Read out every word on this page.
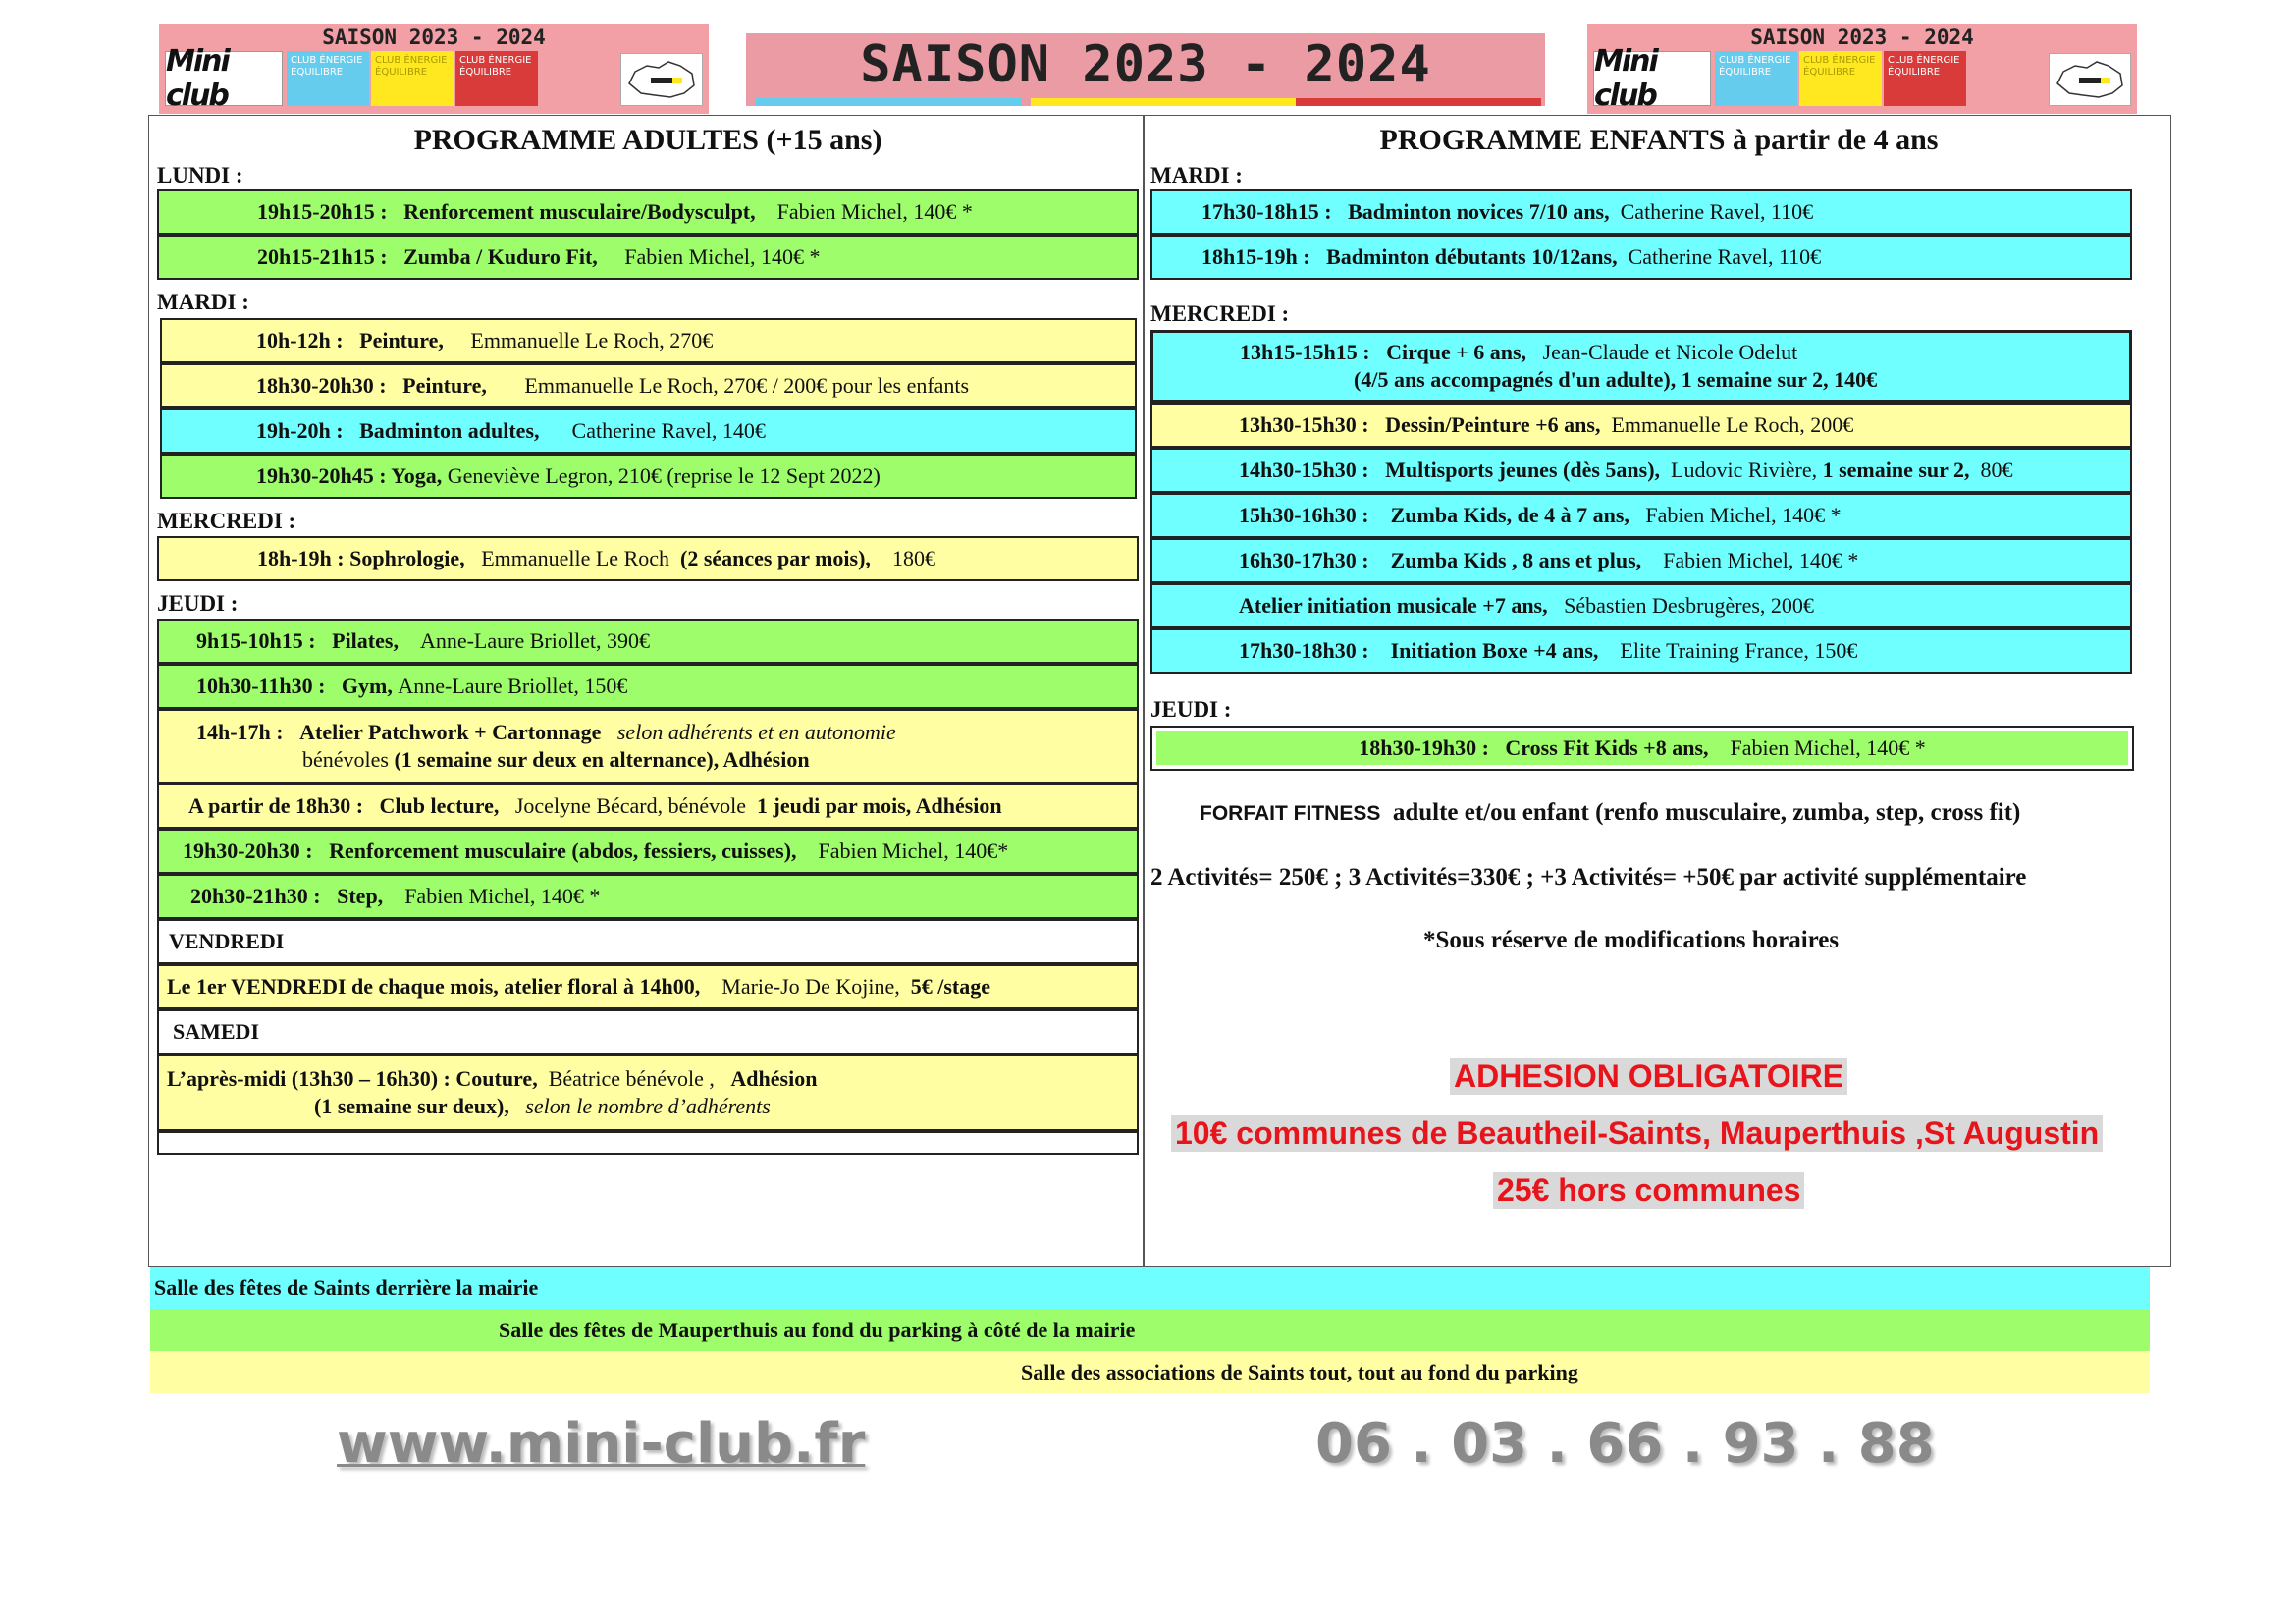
SAISON 2023 - 2024
Mini club
CLUB ÉNERGIE ÉQUILIBRE
CLUB ÉNERGIE ÉQUILIBRE
CLUB ÉNERGIE ÉQUILIBRE	SAISON 2023 - 2024	SAISON 2023 - 2024
Mini club
CLUB ÉNERGIE ÉQUILIBRE
CLUB ÉNERGIE ÉQUILIBRE
CLUB ÉNERGIE ÉQUILIBRE
PROGRAMME ADULTES (+15 ans)
LUNDI :
19h15-20h15 : Renforcement musculaire/Bodysculpt, Fabien Michel, 140€ *
20h15-21h15 : Zumba / Kuduro Fit, Fabien Michel, 140€ *
MARDI :
10h-12h : Peinture, Emmanuelle Le Roch, 270€
18h30-20h30 : Peinture, Emmanuelle Le Roch, 270€ / 200€ pour les enfants
19h-20h : Badminton adultes, Catherine Ravel, 140€
19h30-20h45 : Yoga, Geneviève Legron, 210€ (reprise le 12 Sept 2022)
MERCREDI :
18h-19h : Sophrologie, Emmanuelle Le Roch (2 séances par mois), 180€
JEUDI :
9h15-10h15 : Pilates, Anne-Laure Briollet, 390€
10h30-11h30 : Gym, Anne-Laure Briollet, 150€
14h-17h : Atelier Patchwork + Cartonnage selon adhérents et en autonomie
bénévoles (1 semaine sur deux en alternance), Adhésion
A partir de 18h30 : Club lecture, Jocelyne Bécard, bénévole 1 jeudi par mois, Adhésion
19h30-20h30 : Renforcement musculaire (abdos, fessiers, cuisses), Fabien Michel, 140€*
20h30-21h30 : Step, Fabien Michel, 140€ *
VENDREDI
Le 1er VENDREDI de chaque mois, atelier floral à 14h00, Marie-Jo De Kojine, 5€ /stage
SAMEDI
L’après-midi (13h30 – 16h30) : Couture, Béatrice bénévole , Adhésion
(1 semaine sur deux), selon le nombre d’adhérents
PROGRAMME ENFANTS à partir de 4 ans
MARDI :
17h30-18h15 : Badminton novices 7/10 ans, Catherine Ravel, 110€
18h15-19h : Badminton débutants 10/12ans, Catherine Ravel, 110€
MERCREDI :
13h15-15h15 : Cirque + 6 ans, Jean-Claude et Nicole Odelut
(4/5 ans accompagnés d'un adulte), 1 semaine sur 2, 140€
13h30-15h30 : Dessin/Peinture +6 ans, Emmanuelle Le Roch, 200€
14h30-15h30 : Multisports jeunes (dès 5ans), Ludovic Rivière, 1 semaine sur 2, 80€
15h30-16h30 : Zumba Kids, de 4 à 7 ans, Fabien Michel, 140€ *
16h30-17h30 : Zumba Kids , 8 ans et plus, Fabien Michel, 140€ *
Atelier initiation musicale +7 ans, Sébastien Desbrugères, 200€
17h30-18h30 : Initiation Boxe +4 ans, Elite Training France, 150€
JEUDI :
18h30-19h30 : Cross Fit Kids +8 ans, Fabien Michel, 140€ *
FORFAIT FITNESS adulte et/ou enfant (renfo musculaire, zumba, step, cross fit)
2 Activités= 250€ ; 3 Activités=330€ ; +3 Activités= +50€ par activité supplémentaire
*Sous réserve de modifications horaires
ADHESION OBLIGATOIRE
10€ communes de Beautheil-Saints, Mauperthuis ,St Augustin
25€ hors communes
Salle des fêtes de Saints derrière la mairie
Salle des fêtes de Mauperthuis au fond du parking à côté de la mairie
Salle des associations de Saints tout, tout au fond du parking
www.mini-club.fr	06 . 03 . 66 . 93 . 88
